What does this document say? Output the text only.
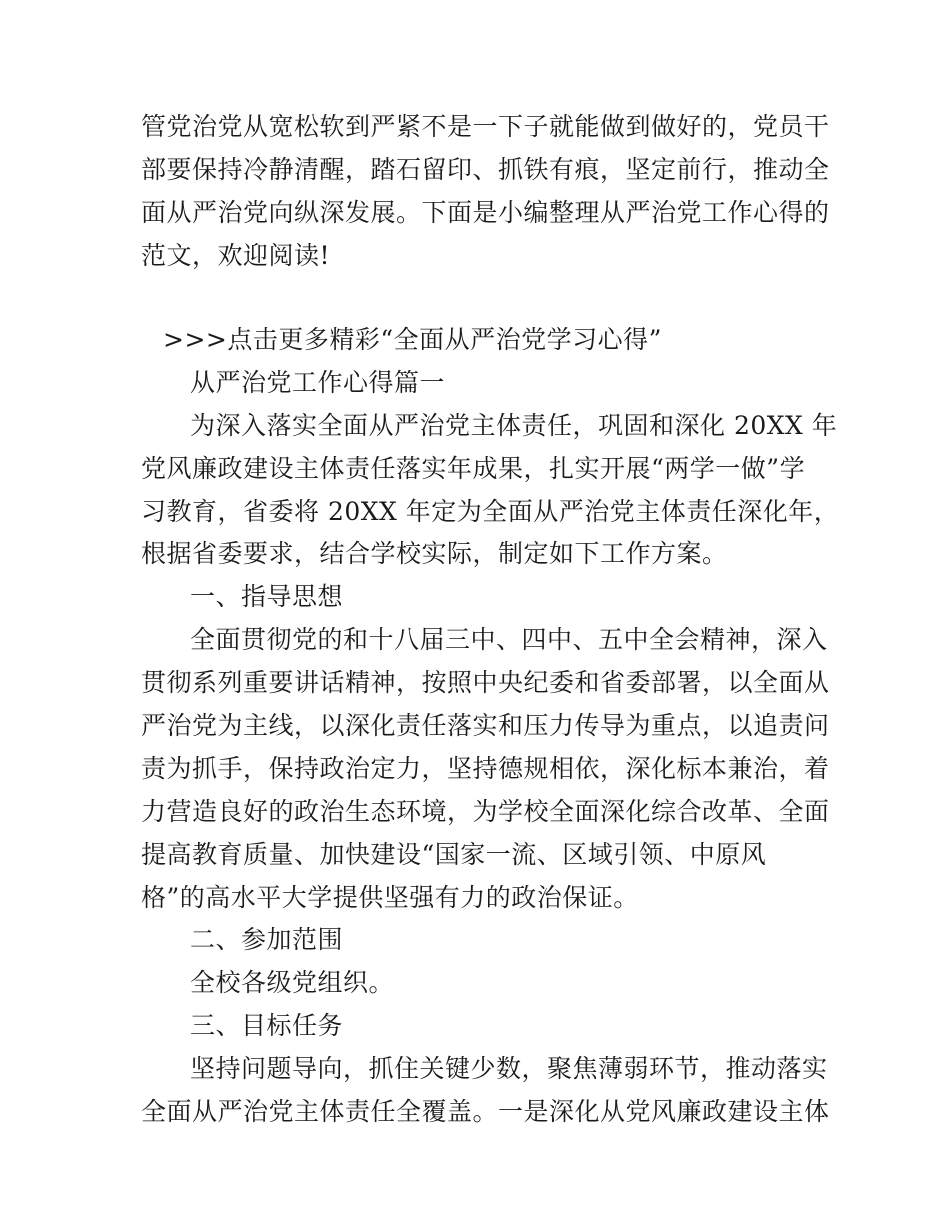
管党治党从宽松软到严紧不是一下子就能做到做好的，党员干
部要保持冷静清醒，踏石留印、抓铁有痕，坚定前行，推动全
面从严治党向纵深发展。下面是小编整理从严治党工作心得的
范文，欢迎阅读!
>>>点击更多精彩“全面从严治党学习心得”
从严治党工作心得篇一
为深入落实全面从严治党主体责任，巩固和深化 20XX 年
党风廉政建设主体责任落实年成果，扎实开展“两学一做”学
习教育，省委将 20XX 年定为全面从严治党主体责任深化年，
根据省委要求，结合学校实际，制定如下工作方案。
一、指导思想
全面贯彻党的和十八届三中、四中、五中全会精神，深入
贯彻系列重要讲话精神，按照中央纪委和省委部署，以全面从
严治党为主线，以深化责任落实和压力传导为重点，以追责问
责为抓手，保持政治定力，坚持德规相依，深化标本兼治，着
力营造良好的政治生态环境，为学校全面深化综合改革、全面
提高教育质量、加快建设“国家一流、区域引领、中原风
格”的高水平大学提供坚强有力的政治保证。
二、参加范围
全校各级党组织。
三、目标任务
坚持问题导向，抓住关键少数，聚焦薄弱环节，推动落实
全面从严治党主体责任全覆盖。一是深化从党风廉政建设主体
